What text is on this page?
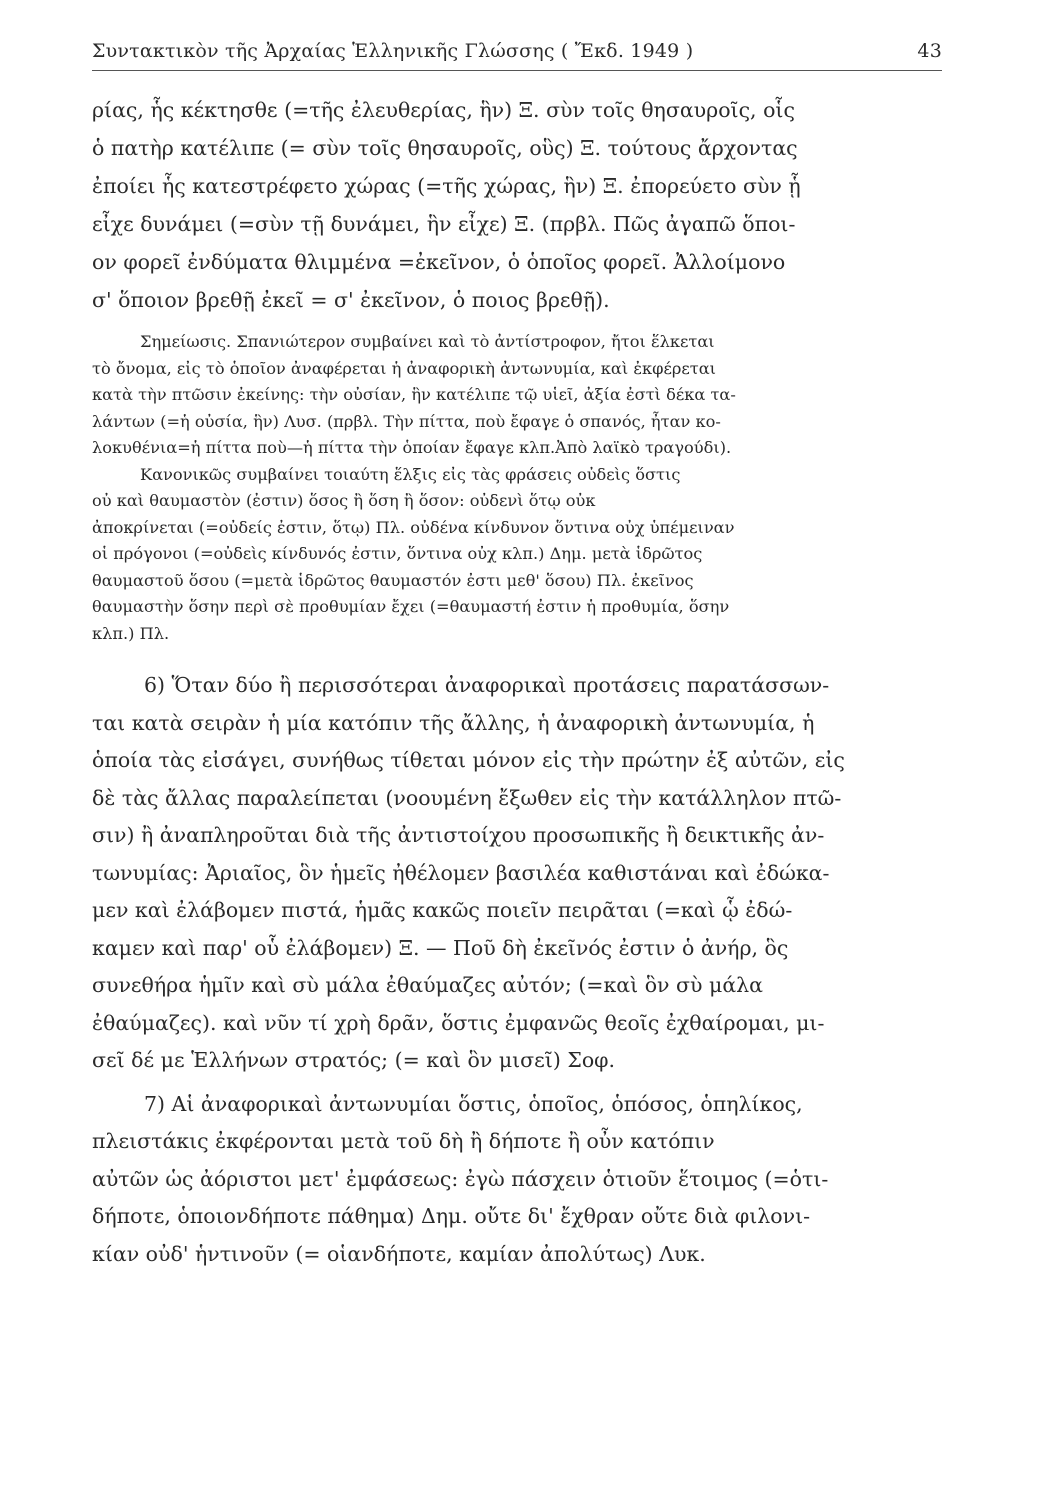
Συντακτικὸν τῆς Ἀρχαίας Ἑλληνικῆς Γλώσσης ( Ἔκδ. 1949 )	43
ρίας, ἧς κέκτησθε (=τῆς ἐλευθερίας, ἣν) Ξ. σὺν τοῖς θησαυροῖς, οἷς
ὁ πατὴρ κατέλιπε (= σὺν τοῖς θησαυροῖς, οὓς) Ξ. τούτους ἄρχοντας
ἐποίει ἧς κατεστρέφετο χώρας (=τῆς χώρας, ἣν) Ξ. ἐπορεύετο σὺν ᾗ
εἶχε δυνάμει (=σὺν τῇ δυνάμει, ἣν εἶχε) Ξ. (πρβλ. Πῶς ἀγαπῶ ὅποι-
ον φορεῖ ἐνδύματα θλιμμένα =ἐκεῖνον, ὁ ὁποῖος φορεῖ. Ἀλλοίμονο
σ' ὅποιον βρεθῇ ἐκεῖ = σ' ἐκεῖνον, ὁ ποιος βρεθῇ).
Σημείωσις. Σπανιώτερον συμβαίνει καὶ τὸ ἀντίστροφον, ἤτοι ἕλκεται
τὸ ὄνομα, εἰς τὸ ὁποῖον ἀναφέρεται ἡ ἀναφορικὴ ἀντωνυμία, καὶ ἐκφέρεται
κατὰ τὴν πτῶσιν ἐκείνης: τὴν οὐσίαν, ἣν κατέλιπε τῷ υἱεῖ, ἀξία ἐστὶ δέκα τα-
λάντων (=ἡ οὐσία, ἣν) Λυσ. (πρβλ. Τὴν πίττα, ποὺ ἔφαγε ὁ σπανός, ἦταν κο-
λοκυθένια=ἡ πίττα ποὺ—ἡ πίττα τὴν ὁποίαν ἔφαγε κλπ.Ἀπὸ λαϊκὸ τραγούδι).
Κανονικῶς συμβαίνει τοιαύτη ἕλξις εἰς τὰς φράσεις οὐδεὶς ὅστις
οὐ καὶ θαυμαστὸν (ἐστιν) ὅσος ἢ ὅση ἢ ὅσον: οὐδενὶ ὅτῳ οὐκ
ἀποκρίνεται (=οὐδείς ἐστιν, ὅτῳ) Πλ. οὐδένα κίνδυνον ὅντινα οὐχ ὑπέμειναν
οἱ πρόγονοι (=οὐδεὶς κίνδυνός ἐστιν, ὅντινα οὐχ κλπ.) Δημ. μετὰ ἱδρῶτος
θαυμαστοῦ ὅσου (=μετὰ ἱδρῶτος θαυμαστόν ἐστι μεθ' ὅσου) Πλ. ἐκεῖνος
θαυμαστὴν ὅσην περὶ σὲ προθυμίαν ἔχει (=θαυμαστή ἐστιν ἡ προθυμία, ὅσην
κλπ.) Πλ.
6) Ὅταν δύο ἢ περισσότεραι ἀναφορικαὶ προτάσεις παρατάσσων-
ται κατὰ σειρὰν ἡ μία κατόπιν τῆς ἄλλης, ἡ ἀναφορικὴ ἀντωνυμία, ἡ
ὁποία τὰς εἰσάγει, συνήθως τίθεται μόνον εἰς τὴν πρώτην ἐξ αὐτῶν, εἰς
δὲ τὰς ἄλλας παραλείπεται (νοουμένη ἔξωθεν εἰς τὴν κατάλληλον πτῶ-
σιν) ἢ ἀναπληροῦται διὰ τῆς ἀντιστοίχου προσωπικῆς ἢ δεικτικῆς ἀν-
τωνυμίας: Ἀριαῖος, ὃν ἡμεῖς ἠθέλομεν βασιλέα καθιστάναι καὶ ἐδώκα-
μεν καὶ ἐλάβομεν πιστά, ἡμᾶς κακῶς ποιεῖν πειρᾶται (=καὶ ᾧ ἐδώ-
καμεν καὶ παρ' οὗ ἐλάβομεν) Ξ. — Ποῦ δὴ ἐκεῖνός ἐστιν ὁ ἀνήρ, ὃς
συνεθήρα ἡμῖν καὶ σὺ μάλα ἐθαύμαζες αὐτόν; (=καὶ ὃν σὺ μάλα
ἐθαύμαζες). καὶ νῦν τί χρὴ δρᾶν, ὅστις ἐμφανῶς θεοῖς ἐχθαίρομαι, μι-
σεῖ δέ με Ἑλλήνων στρατός; (= καὶ ὃν μισεῖ) Σοφ.
7) Αἱ ἀναφορικαὶ ἀντωνυμίαι ὅστις, ὁποῖος, ὁπόσος, ὁπηλίκος,
πλειστάκις ἐκφέρονται μετὰ τοῦ δὴ ἢ δήποτε ἢ οὖν κατόπιν
αὐτῶν ὡς ἀόριστοι μετ' ἐμφάσεως: ἐγὼ πάσχειν ὁτιοῦν ἕτοιμος (=ὁτι-
δήποτε, ὁποιονδήποτε πάθημα) Δημ. οὔτε δι' ἔχθραν οὔτε διὰ φιλονι-
κίαν οὐδ' ἡντινοῦν (= οἱανδήποτε, καμίαν ἀπολύτως) Λυκ.
